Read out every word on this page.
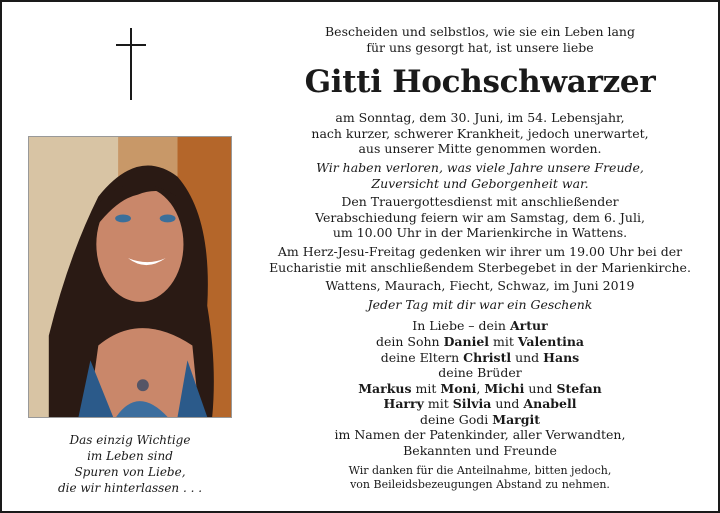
Das einzig Wichtige
im Leben sind
Spuren von Liebe,
die wir hinterlassen . . .
Bescheiden und selbstlos, wie sie ein Leben lang
für uns gesorgt hat, ist unsere liebe
Gitti Hochschwarzer
am Sonntag, dem 30. Juni, im 54. Lebensjahr,
nach kurzer, schwerer Krankheit, jedoch unerwartet,
aus unserer Mitte genommen worden.
Wir haben verloren, was viele Jahre unsere Freude,
Zuversicht und Geborgenheit war.
Den Trauergottesdienst mit anschließender
Verabschiedung feiern wir am Samstag, dem 6. Juli,
um 10.00 Uhr in der Marienkirche in Wattens.
Am Herz-Jesu-Freitag gedenken wir ihrer um 19.00 Uhr bei der
Eucharistie mit anschließendem Sterbegebet in der Marienkirche.
Wattens, Maurach, Fiecht, Schwaz, im Juni 2019
Jeder Tag mit dir war ein Geschenk
In Liebe – dein Artur
dein Sohn Daniel mit Valentina
deine Eltern Christl und Hans
deine Brüder
Markus mit Moni, Michi und Stefan
Harry mit Silvia und Anabell
deine Godi Margit
im Namen der Patenkinder, aller Verwandten,
Bekannten und Freunde
Wir danken für die Anteilnahme, bitten jedoch,
von Beileidsbezeugungen Abstand zu nehmen.
